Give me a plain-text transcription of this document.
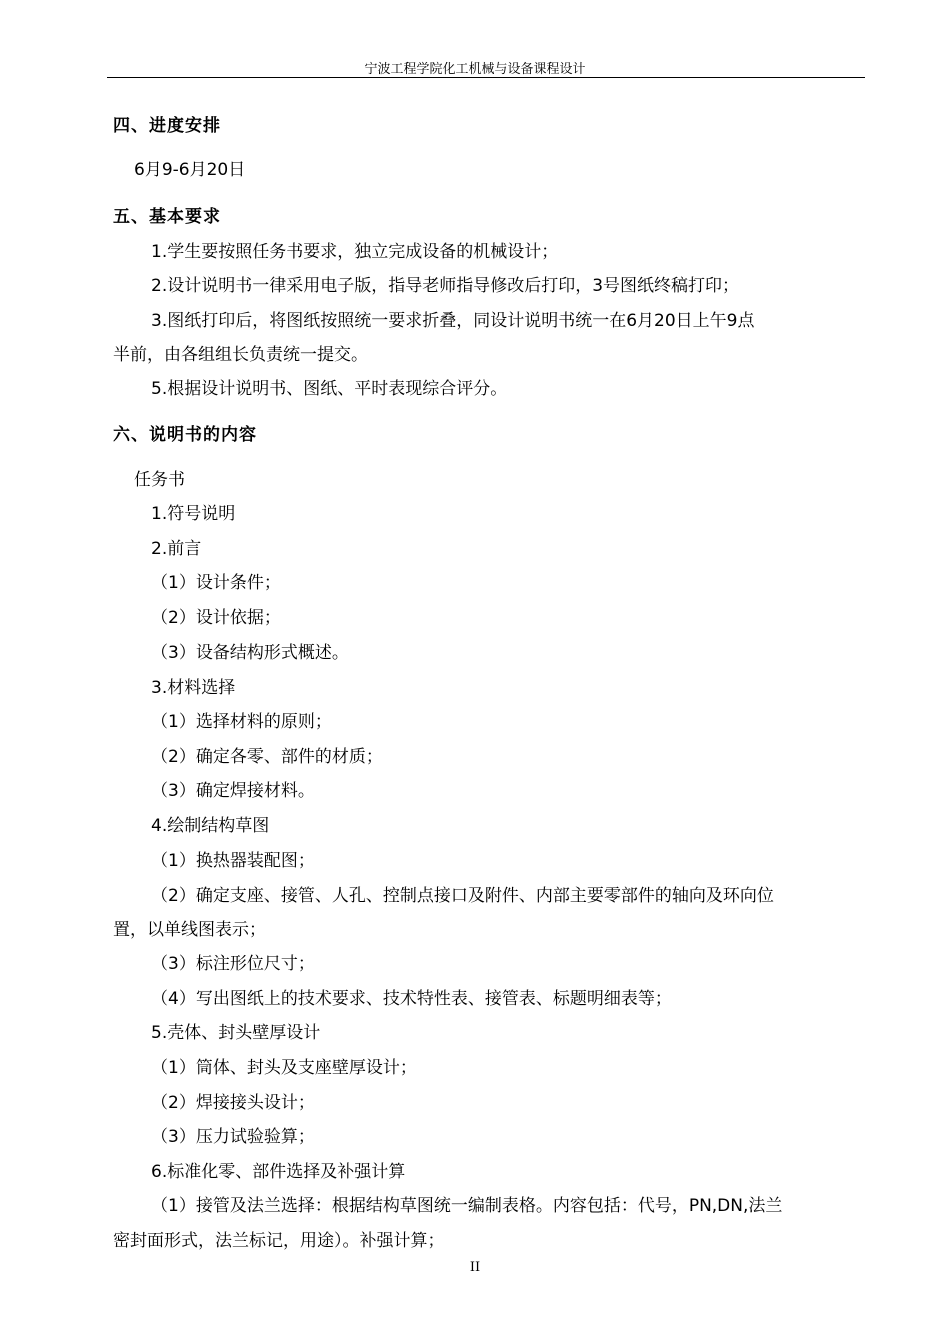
宁波工程学院化工机械与设备课程设计
四、进度安排
6月9-6月20日
五、基本要求
1.学生要按照任务书要求，独立完成设备的机械设计；
2.设计说明书一律采用电子版，指导老师指导修改后打印，3号图纸终稿打印；
3.图纸打印后，将图纸按照统一要求折叠，同设计说明书统一在6月20日上午9点
半前，由各组组长负责统一提交。
5.根据设计说明书、图纸、平时表现综合评分。
六、说明书的内容
任务书
1.符号说明
2.前言
（1）设计条件；
（2）设计依据；
（3）设备结构形式概述。
3.材料选择
（1）选择材料的原则；
（2）确定各零、部件的材质；
（3）确定焊接材料。
4.绘制结构草图
（1）换热器装配图；
（2）确定支座、接管、人孔、控制点接口及附件、内部主要零部件的轴向及环向位
置，以单线图表示；
（3）标注形位尺寸；
（4）写出图纸上的技术要求、技术特性表、接管表、标题明细表等；
5.壳体、封头壁厚设计
（1）筒体、封头及支座壁厚设计；
（2）焊接接头设计；
（3）压力试验验算；
6.标准化零、部件选择及补强计算
（1）接管及法兰选择：根据结构草图统一编制表格。内容包括：代号，PN,DN,法兰
密封面形式，法兰标记，用途）。补强计算；
II
